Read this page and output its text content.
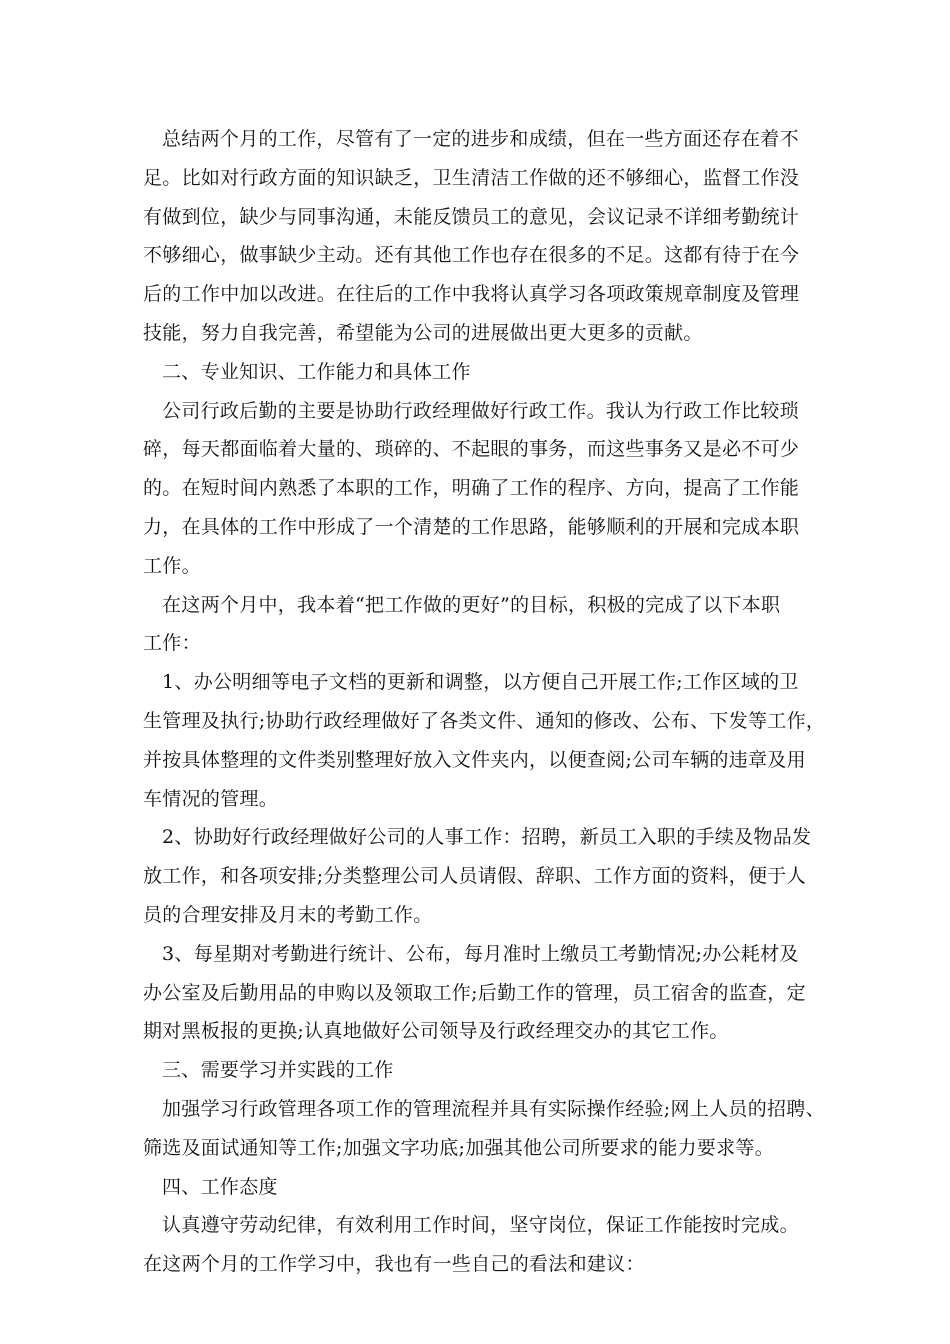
总结两个月的工作，尽管有了一定的进步和成绩，但在一些方面还存在着不
足。比如对行政方面的知识缺乏，卫生清洁工作做的还不够细心，监督工作没
有做到位，缺少与同事沟通，未能反馈员工的意见，会议记录不详细考勤统计
不够细心，做事缺少主动。还有其他工作也存在很多的不足。这都有待于在今
后的工作中加以改进。在往后的工作中我将认真学习各项政策规章制度及管理
技能，努力自我完善，希望能为公司的进展做出更大更多的贡献。
二、专业知识、工作能力和具体工作
公司行政后勤的主要是协助行政经理做好行政工作。我认为行政工作比较琐
碎，每天都面临着大量的、琐碎的、不起眼的事务，而这些事务又是必不可少
的。在短时间内熟悉了本职的工作，明确了工作的程序、方向，提高了工作能
力，在具体的工作中形成了一个清楚的工作思路，能够顺利的开展和完成本职
工作。
在这两个月中，我本着“把工作做的更好”的目标，积极的完成了以下本职
工作：
1、办公明细等电子文档的更新和调整，以方便自己开展工作;工作区域的卫
生管理及执行;协助行政经理做好了各类文件、通知的修改、公布、下发等工作，
并按具体整理的文件类别整理好放入文件夹内，以便查阅;公司车辆的违章及用
车情况的管理。
2、协助好行政经理做好公司的人事工作：招聘，新员工入职的手续及物品发
放工作，和各项安排;分类整理公司人员请假、辞职、工作方面的资料，便于人
员的合理安排及月末的考勤工作。
3、每星期对考勤进行统计、公布，每月准时上缴员工考勤情况;办公耗材及
办公室及后勤用品的申购以及领取工作;后勤工作的管理，员工宿舍的监查，定
期对黑板报的更换;认真地做好公司领导及行政经理交办的其它工作。
三、需要学习并实践的工作
加强学习行政管理各项工作的管理流程并具有实际操作经验;网上人员的招聘、
筛选及面试通知等工作;加强文字功底;加强其他公司所要求的能力要求等。
四、工作态度
认真遵守劳动纪律，有效利用工作时间，坚守岗位，保证工作能按时完成。
在这两个月的工作学习中，我也有一些自己的看法和建议：
